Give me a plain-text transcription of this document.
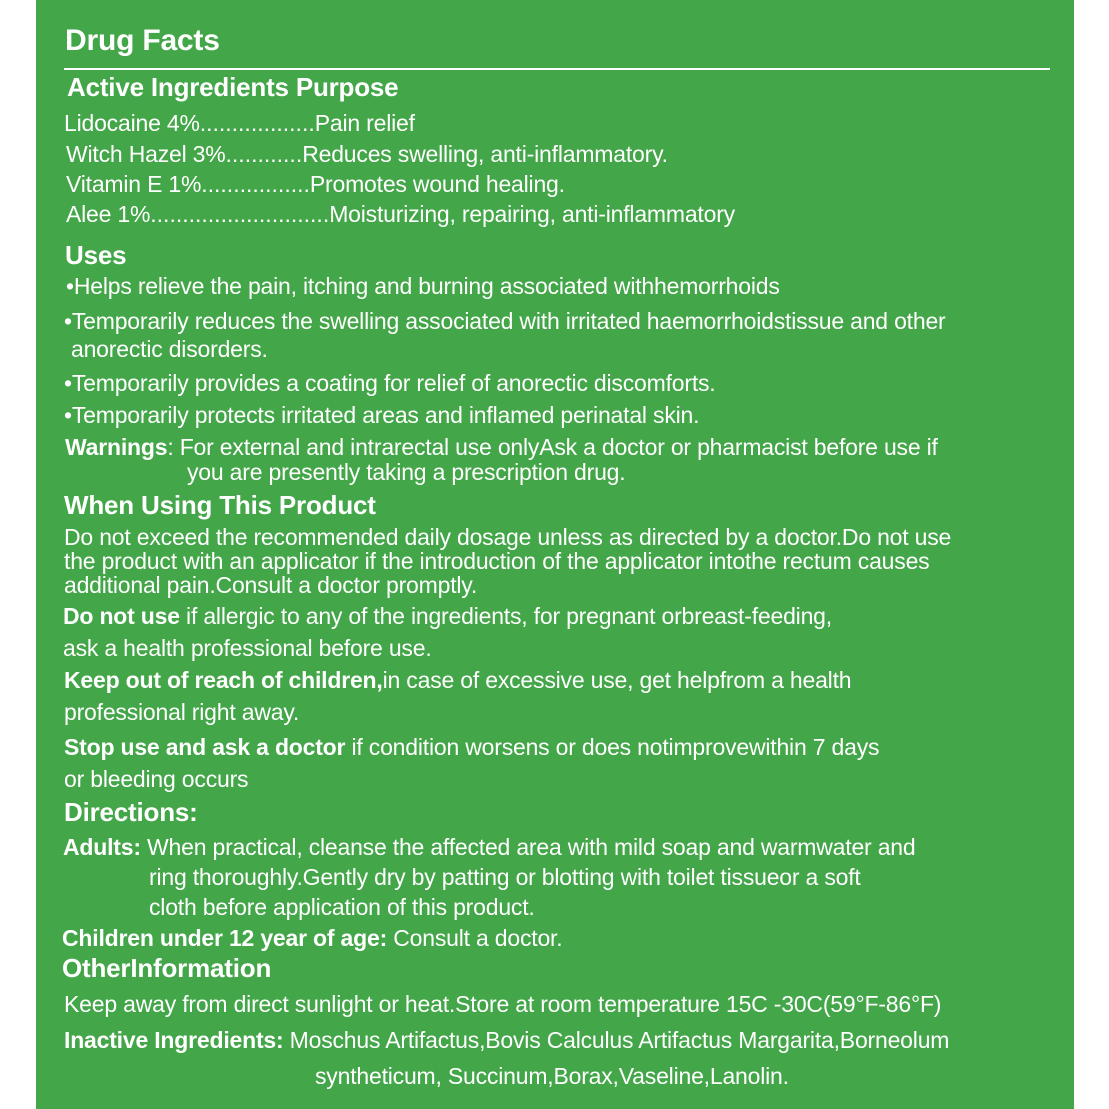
Drug Facts
Active Ingredients Purpose
Lidocaine 4%..................Pain relief
Witch Hazel 3%............Reduces swelling, anti-inflammatory.
Vitamin E 1%.................Promotes wound healing.
Alee 1%............................Moisturizing, repairing, anti-inflammatory
Uses
•Helps relieve the pain, itching and burning associated withhemorrhoids
•Temporarily reduces the swelling associated with irritated haemorrhoidstissue and other
anorectic disorders.
•Temporarily provides a coating for relief of anorectic discomforts.
•Temporarily protects irritated areas and inflamed perinatal skin.
Warnings: For external and intrarectal use onlyAsk a doctor or pharmacist before use if
you are presently taking a prescription drug.
When Using This Product
Do not exceed the recommended daily dosage unless as directed by a doctor.Do not use
the product with an applicator if the introduction of the applicator intothe rectum causes
additional pain.Consult a doctor promptly.
Do not use if allergic to any of the ingredients, for pregnant orbreast-feeding,
ask a health professional before use.
Keep out of reach of children,in case of excessive use, get helpfrom a health
professional right away.
Stop use and ask a doctor if condition worsens or does notimprovewithin 7 days
or bleeding occurs
Directions:
Adults: When practical, cleanse the affected area with mild soap and warmwater and
ring thoroughly.Gently dry by patting or blotting with toilet tissueor a soft
cloth before application of this product.
Children under 12 year of age: Consult a doctor.
OtherInformation
Keep away from direct sunlight or heat.Store at room temperature 15C -30C(59°F-86°F)
Inactive Ingredients: Moschus Artifactus,Bovis Calculus Artifactus Margarita,Borneolum
syntheticum, Succinum,Borax,Vaseline,Lanolin.
